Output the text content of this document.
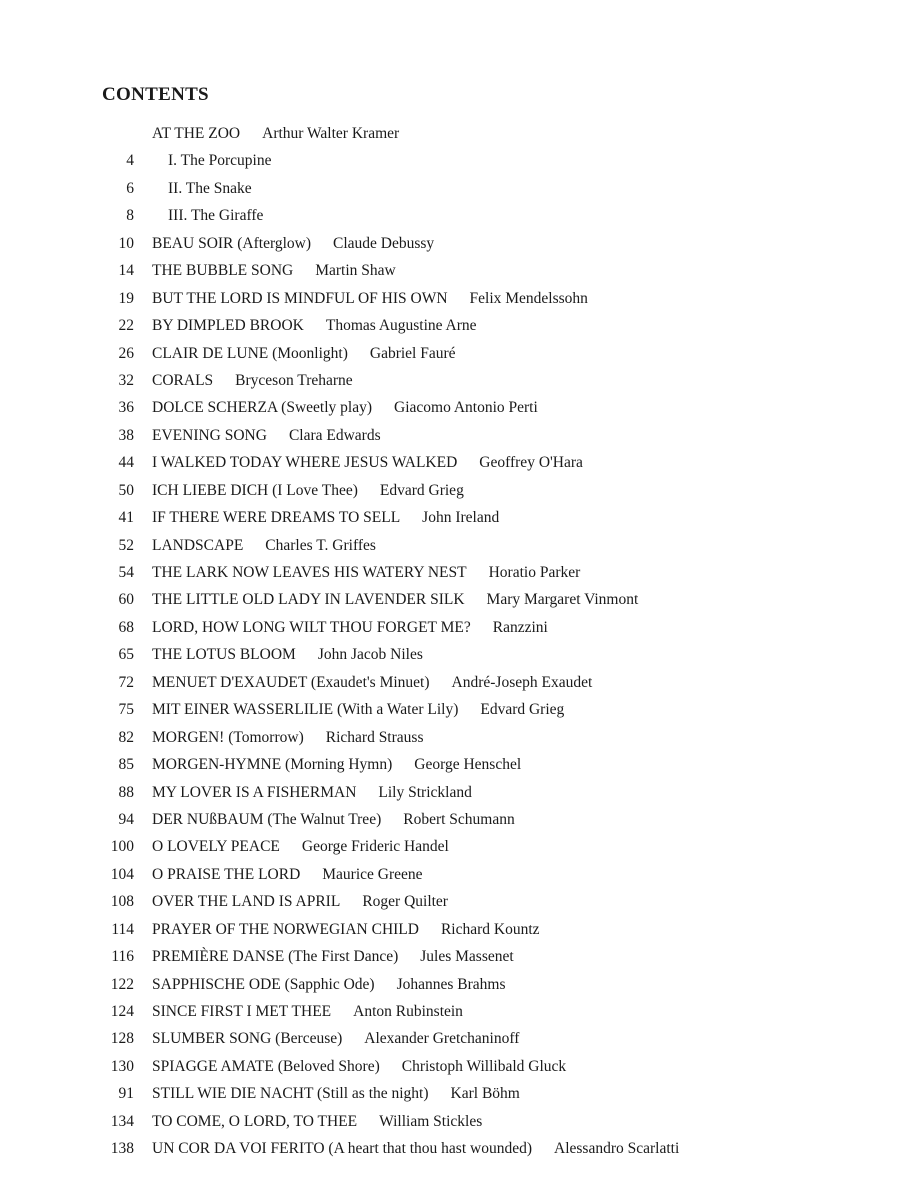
CONTENTS
AT THE ZOO Arthur Walter Kramer
4 I. The Porcupine
6 II. The Snake
8 III. The Giraffe
10 BEAU SOIR (Afterglow) Claude Debussy
14 THE BUBBLE SONG Martin Shaw
19 BUT THE LORD IS MINDFUL OF HIS OWN Felix Mendelssohn
22 BY DIMPLED BROOK Thomas Augustine Arne
26 CLAIR DE LUNE (Moonlight) Gabriel Fauré
32 CORALS Bryceson Treharne
36 DOLCE SCHERZA (Sweetly play) Giacomo Antonio Perti
38 EVENING SONG Clara Edwards
44 I WALKED TODAY WHERE JESUS WALKED Geoffrey O'Hara
50 ICH LIEBE DICH (I Love Thee) Edvard Grieg
41 IF THERE WERE DREAMS TO SELL John Ireland
52 LANDSCAPE Charles T. Griffes
54 THE LARK NOW LEAVES HIS WATERY NEST Horatio Parker
60 THE LITTLE OLD LADY IN LAVENDER SILK Mary Margaret Vinmont
68 LORD, HOW LONG WILT THOU FORGET ME? Ranzzini
65 THE LOTUS BLOOM John Jacob Niles
72 MENUET D'EXAUDET (Exaudet's Minuet) André-Joseph Exaudet
75 MIT EINER WASSERLILIE (With a Water Lily) Edvard Grieg
82 MORGEN! (Tomorrow) Richard Strauss
85 MORGEN-HYMNE (Morning Hymn) George Henschel
88 MY LOVER IS A FISHERMAN Lily Strickland
94 DER NUßBAUM (The Walnut Tree) Robert Schumann
100 O LOVELY PEACE George Frideric Handel
104 O PRAISE THE LORD Maurice Greene
108 OVER THE LAND IS APRIL Roger Quilter
114 PRAYER OF THE NORWEGIAN CHILD Richard Kountz
116 PREMIÈRE DANSE (The First Dance) Jules Massenet
122 SAPPHISCHE ODE (Sapphic Ode) Johannes Brahms
124 SINCE FIRST I MET THEE Anton Rubinstein
128 SLUMBER SONG (Berceuse) Alexander Gretchaninoff
130 SPIAGGE AMATE (Beloved Shore) Christoph Willibald Gluck
91 STILL WIE DIE NACHT (Still as the night) Karl Böhm
134 TO COME, O LORD, TO THEE William Stickles
138 UN COR DA VOI FERITO (A heart that thou hast wounded) Alessandro Scarlatti
